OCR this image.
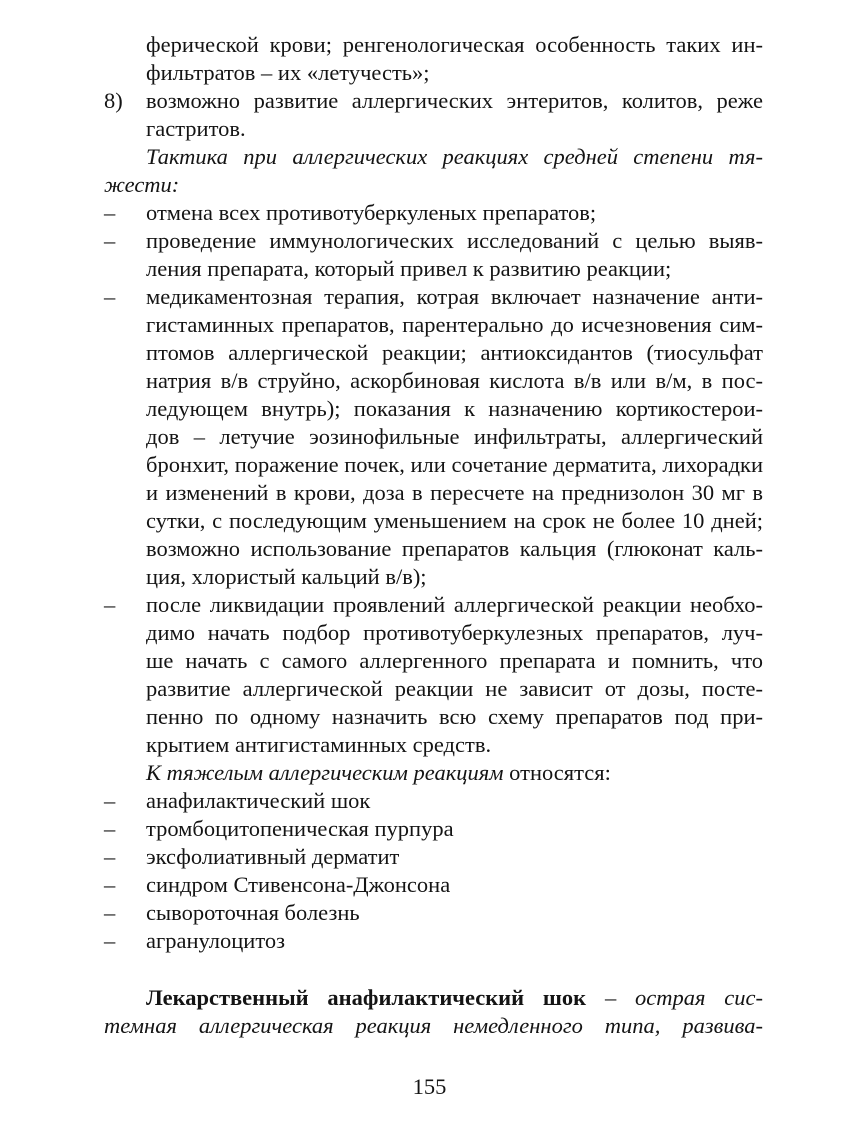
ферической крови; ренгенологическая особенность таких ин-

фильтратов – их «летучесть»;

8) возможно развитие аллергических энтеритов, колитов, реже

гастритов.

Тактика при аллергических реакциях средней степени тя-

жести:

– отмена всех противотуберкуленых препаратов;

– проведение иммунологических исследований с целью выяв-

ления препарата, который привел к развитию реакции;

– медикаментозная терапия, котрая включает назначение анти-

гистаминных препаратов, парентерально до исчезновения сим-

птомов аллергической реакции; антиоксидантов (тиосульфат

натрия в/в струйно, аскорбиновая кислота в/в или в/м, в пос-

ледующем внутрь); показания к назначению кортикостерои-

дов – летучие эозинофильные инфильтраты, аллергический

бронхит, поражение почек, или сочетание дерматита, лихорадки

и изменений в крови, доза в пересчете на преднизолон 30 мг в

сутки, с последующим уменьшением на срок не более 10 дней;

возможно использование препаратов кальция (глюконат каль-

ция, хлористый кальций в/в);

– после ликвидации проявлений аллергической реакции необхо-

димо начать подбор противотуберкулезных препаратов, луч-

ше начать с самого аллергенного препарата и помнить, что

развитие аллергической реакции не зависит от дозы, посте-

пенно по одному назначить всю схему препаратов под при-

крытием антигистаминных средств.

К тяжелым аллергическим реакциям относятся:

– анафилактический шок

– тромбоцитопеническая пурпура

– эксфолиативный дерматит

– синдром Стивенсона-Джонсона

– сывороточная болезнь

– агранулоцитоз

Лекарственный анафилактический шок – острая сис-

темная аллергическая реакция немедленного типа, развива-

155
